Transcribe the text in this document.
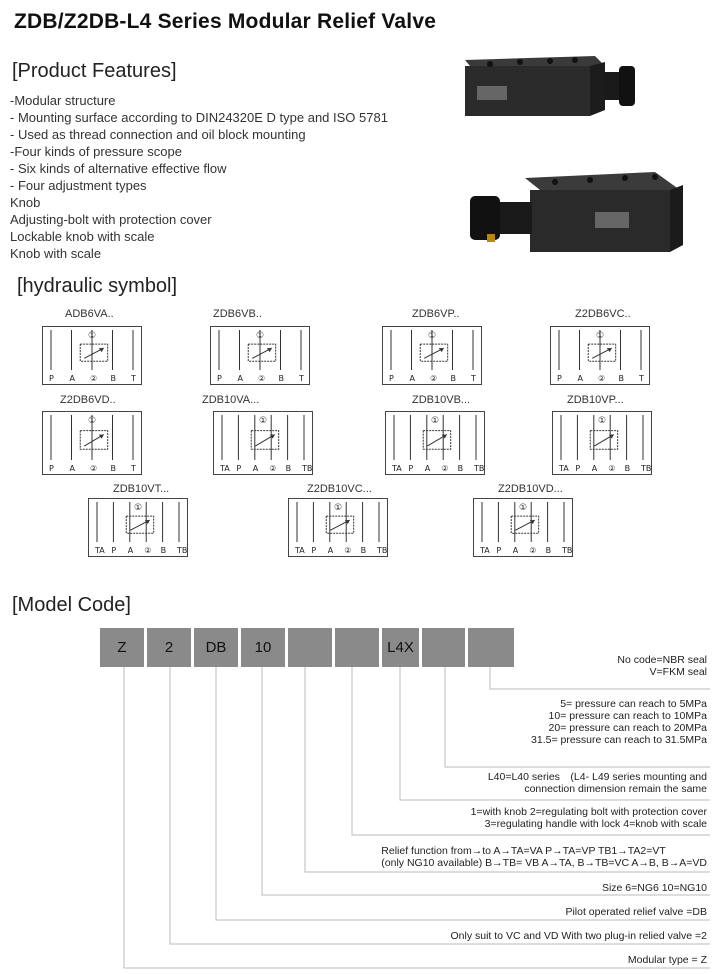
ZDB/Z2DB-L4 Series Modular Relief Valve
[Product Features]
[hydraulic symbol]
[Model Code]
-Modular structure
- Mounting surface according to DIN24320E D type and ISO 5781
- Used as thread connection and oil block mounting
-Four kinds of pressure scope
- Six kinds of alternative effective flow
- Four adjustment types
Knob
Adjusting-bolt with protection cover
Lockable knob with scale
Knob with scale
ADB6VA..
①
P A ② B T
ZDB6VB..
①
P A ② B T
ZDB6VP..
①
P A ② B T
Z2DB6VC..
①
P A ② B T
Z2DB6VD..
①
P A ② B T
ZDB10VA...
①
TA P A ② B TB
ZDB10VB...
①
TA P A ② B TB
ZDB10VP...
①
TA P A ② B TB
ZDB10VT...
①
TA P A ② B TB
Z2DB10VC...
①
TA P A ② B TB
Z2DB10VD...
①
TA P A ② B TB
Z	2	DB	10	L4X
No code=NBR seal
V=FKM seal
5= pressure can reach to 5MPa
10= pressure can reach to 10MPa
20= pressure can reach to 20MPa
31.5= pressure can reach to 31.5MPa
L40=L40 series　(L4- L49 series mounting and
connection dimension remain the same
1=with knob 2=regulating bolt with protection cover
3=regulating handle with lock 4=knob with scale
Relief function from→to A→TA=VA P→TA=VP TB1→TA2=VT
(only NG10 available) B→TB= VB A→TA, B→TB=VC A→B, B→A=VD
Size 6=NG6 10=NG10
Pilot operated relief valve =DB
Only suit to VC and VD With two plug-in relied valve =2
Modular type = Z
